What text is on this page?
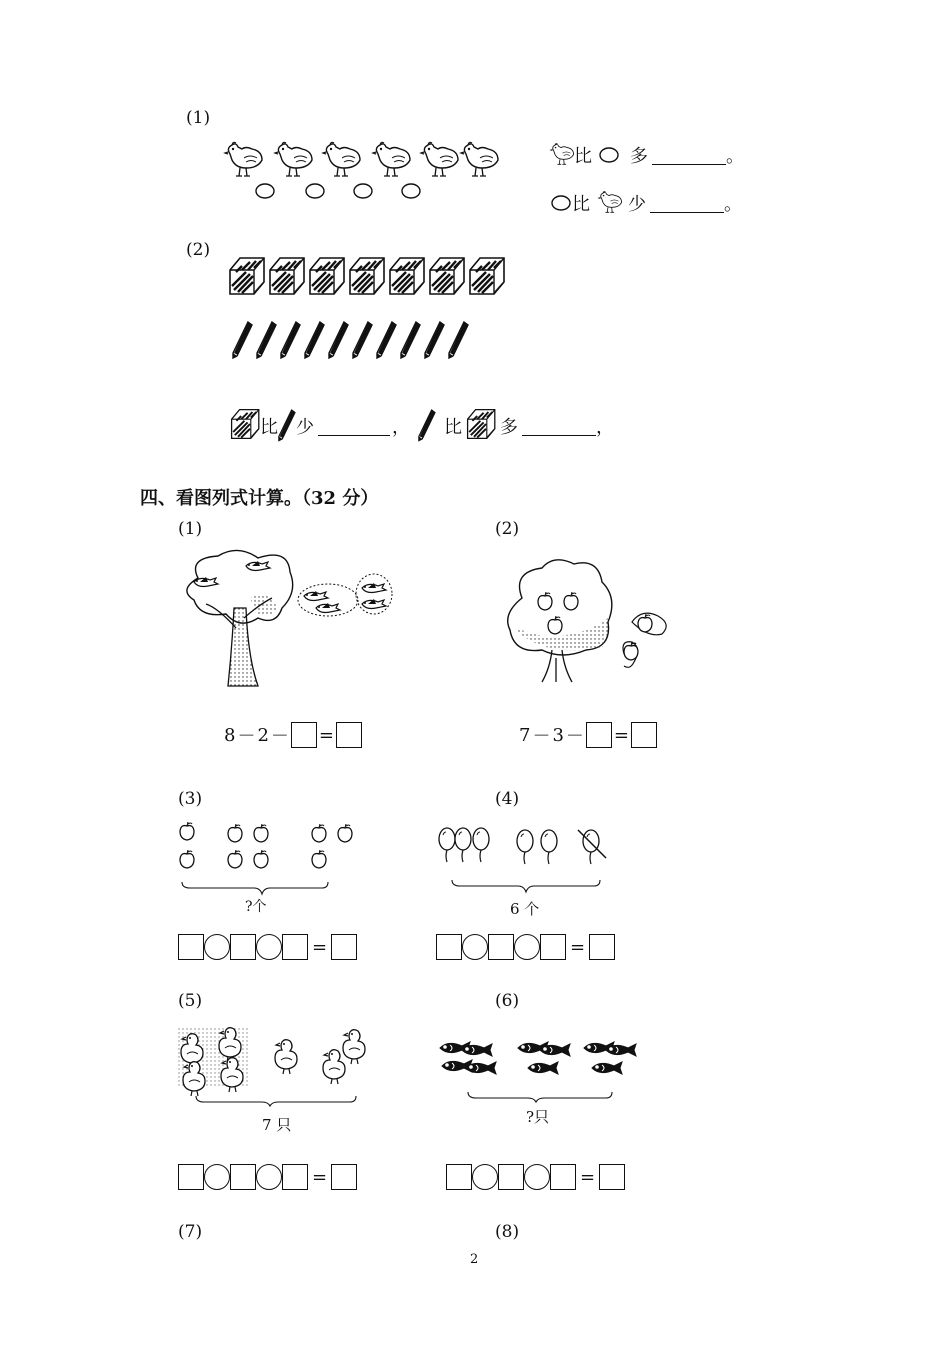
(1)
比 多	。
比 少	。
(2)
比 少	， 比 多	，
四、看图列式计算。（32 分）
(1)
8 － 2 － =
(2)
7 － 3 － =
(3)
?个
=
(4)
6 个
=
(5)
7 只
=
(6)
?只
=
(7)	(8)
2
